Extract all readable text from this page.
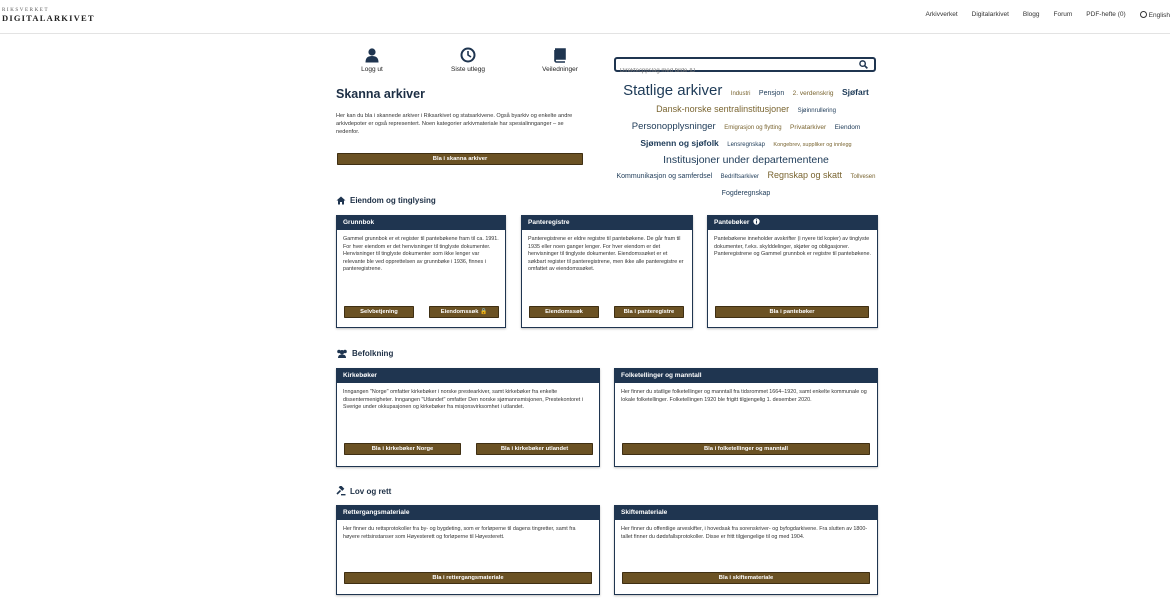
RIKSVERKET
DIGITALARKIVET	Arkivverket Digitalarkivet Blogg Forum PDF-hefte (0)	English
Logg ut	Siste utlegg	Veiledninger
Direktecppslag med bilde-ID
Skanna arkiver
Her kan du bla i skannede arkiver i Riksarkivet og statsarkivene. Også byarkiv og enkelte andre arkivdepoter er også representert. Noen kategorier arkivmateriale har spesialinnganger – se nedenfor.
Bla i skanna arkiver
Statlige arkiver Industri Pensjon 2. verdenskrig Sjøfart Dansk-norske sentralinstitusjoner Sjøinnrullering Personopplysninger Emigrasjon og flytting Privatarkiver Eiendom Sjømenn og sjøfolk Lensregnskap Kongebrev, suppliker og innlegg Institusjoner under departementene Kommunikasjon og samferdsel Bedriftsarkiver Regnskap og skatt Tollvesen Fogderegnskap
Eiendom og tinglysing
Grunnbok
Gammel grunnbok er et register til pantebøkene fram til ca. 1991. For hver eiendom er det henvisninger til tinglyste dokumenter. Henvisninger til tinglyste dokumenter som ikke lenger var relevante ble ved opprettelsen av grunnbøke i 1936, finnes i panteregistrene.
Selvbetjening	Eiendomssøk 🔒
Panteregistre
Panteregistrene er eldre registre til pantebøkene. De går fram til 1935 eller noen ganger lenger. For hver eiendom er det henvisninger til tinglyste dokumenter. Eiendomssøket er et søkbart register til panteregistrene, men ikke alle panteregistre er omfattet av eiendomssøket.
Eiendomssøk	Bla i panteregistre
Pantebøker
Pantebøkene inneholder avskrifter (i nyere tid kopier) av tinglyste dokumenter, f.eks. skylddelinger, skjøter og obligasjoner. Panteregistrene og Gammel grunnbok er registre til pantebøkene.
Bla i pantebøker
Befolkning
Kirkebøker
Inngangen "Norge" omfatter kirkebøker i norske prestearkiver, samt kirkebøker fra enkelte dissentermenigheter. Inngangen "Utlandet" omfatter Den norske sjømannsmisjonen, Prestekontoret i Sverige under okkupasjonen og kirkebøker fra misjonsvirksomhet i utlandet.
Bla i kirkebøker Norge	Bla i kirkebøker utlandet
Folketellinger og manntall
Her finner du statlige folketellinger og manntall fra tidsrommet 1664–1920, samt enkelte kommunale og lokale folketellinger. Folketellingen 1920 ble frigitt tilgjengelig 1. desember 2020.
Bla i folketellinger og manntall
Lov og rett
Rettergangsmateriale
Her finner du rettsprotokoller fra by- og bygdeting, som er forløperne til dagens tingretter, samt fra høyere rettsinstanser som Høyesterett og forløperne til Høyesterett.
Bla i rettergangsmateriale
Skiftemateriale
Her finner du offentlige arveskifter, i hovedsak fra sorenskriver- og byfogdarkivene. Fra slutten av 1800-tallet finner du dødsfallsprotokoller. Disse er fritt tilgjengelige til og med 1904.
Bla i skiftemateriale
